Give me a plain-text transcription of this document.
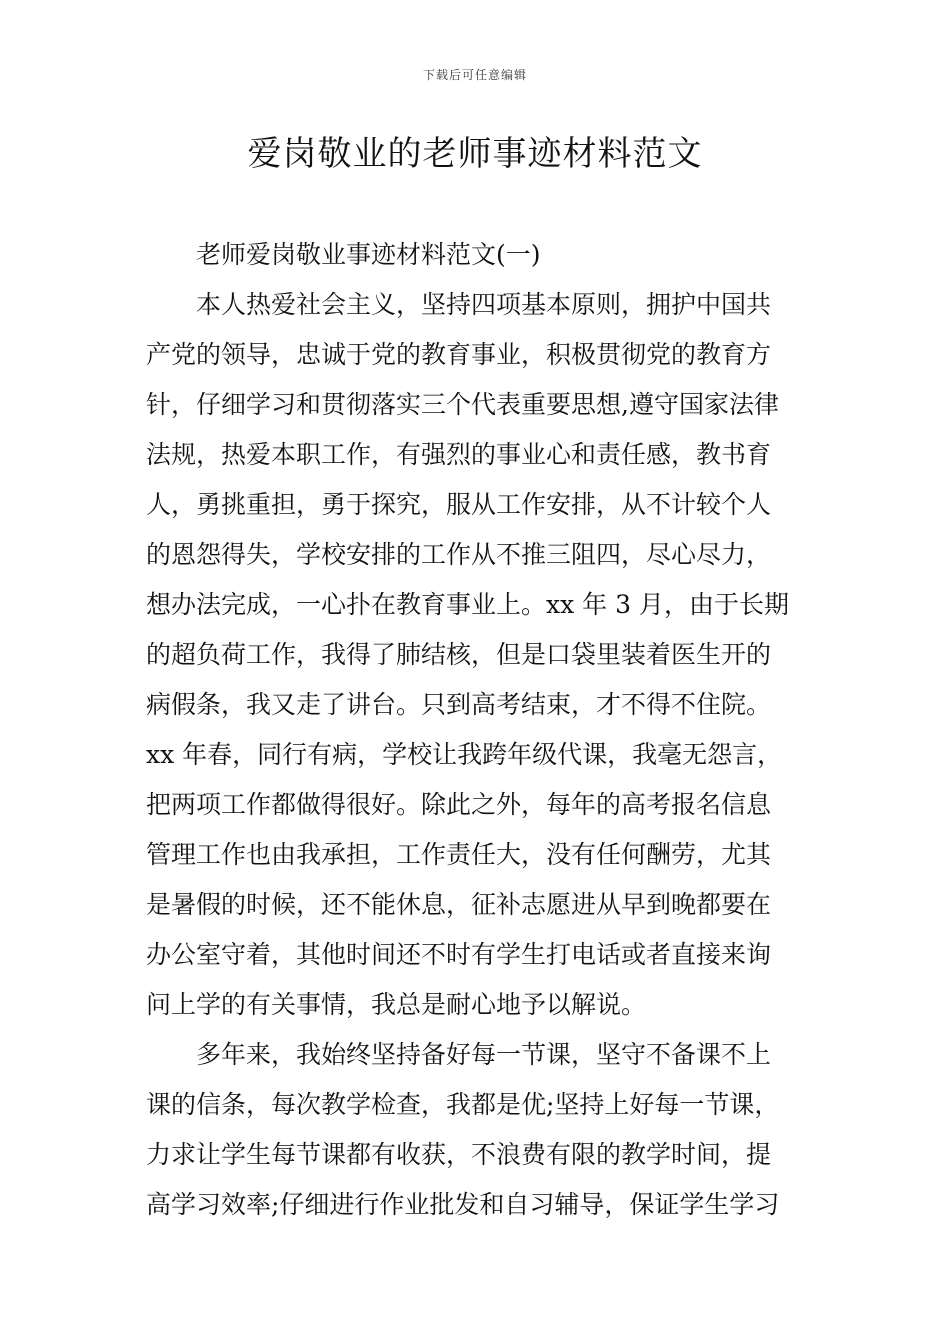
下载后可任意编辑
爱岗敬业的老师事迹材料范文

老师爱岗敬业事迹材料范文(一)

本人热爱社会主义，坚持四项基本原则，拥护中国共
产党的领导，忠诚于党的教育事业，积极贯彻党的教育方
针，仔细学习和贯彻落实三个代表重要思想,遵守国家法律
法规，热爱本职工作，有强烈的事业心和责任感，教书育
人，勇挑重担，勇于探究，服从工作安排，从不计较个人
的恩怨得失，学校安排的工作从不推三阻四，尽心尽力，
想办法完成，一心扑在教育事业上。xx 年 3 月，由于长期
的超负荷工作，我得了肺结核，但是口袋里装着医生开的
病假条，我又走了讲台。只到高考结束，才不得不住院。
xx 年春，同行有病，学校让我跨年级代课，我毫无怨言，
把两项工作都做得很好。除此之外，每年的高考报名信息
管理工作也由我承担，工作责任大，没有任何酬劳，尤其
是暑假的时候，还不能休息，征补志愿进从早到晚都要在
办公室守着，其他时间还不时有学生打电话或者直接来询
问上学的有关事情，我总是耐心地予以解说。

多年来，我始终坚持备好每一节课，坚守不备课不上
课的信条，每次教学检查，我都是优;坚持上好每一节课，
力求让学生每节课都有收获，不浪费有限的教学时间，提
高学习效率;仔细进行作业批发和自习辅导，保证学生学习
